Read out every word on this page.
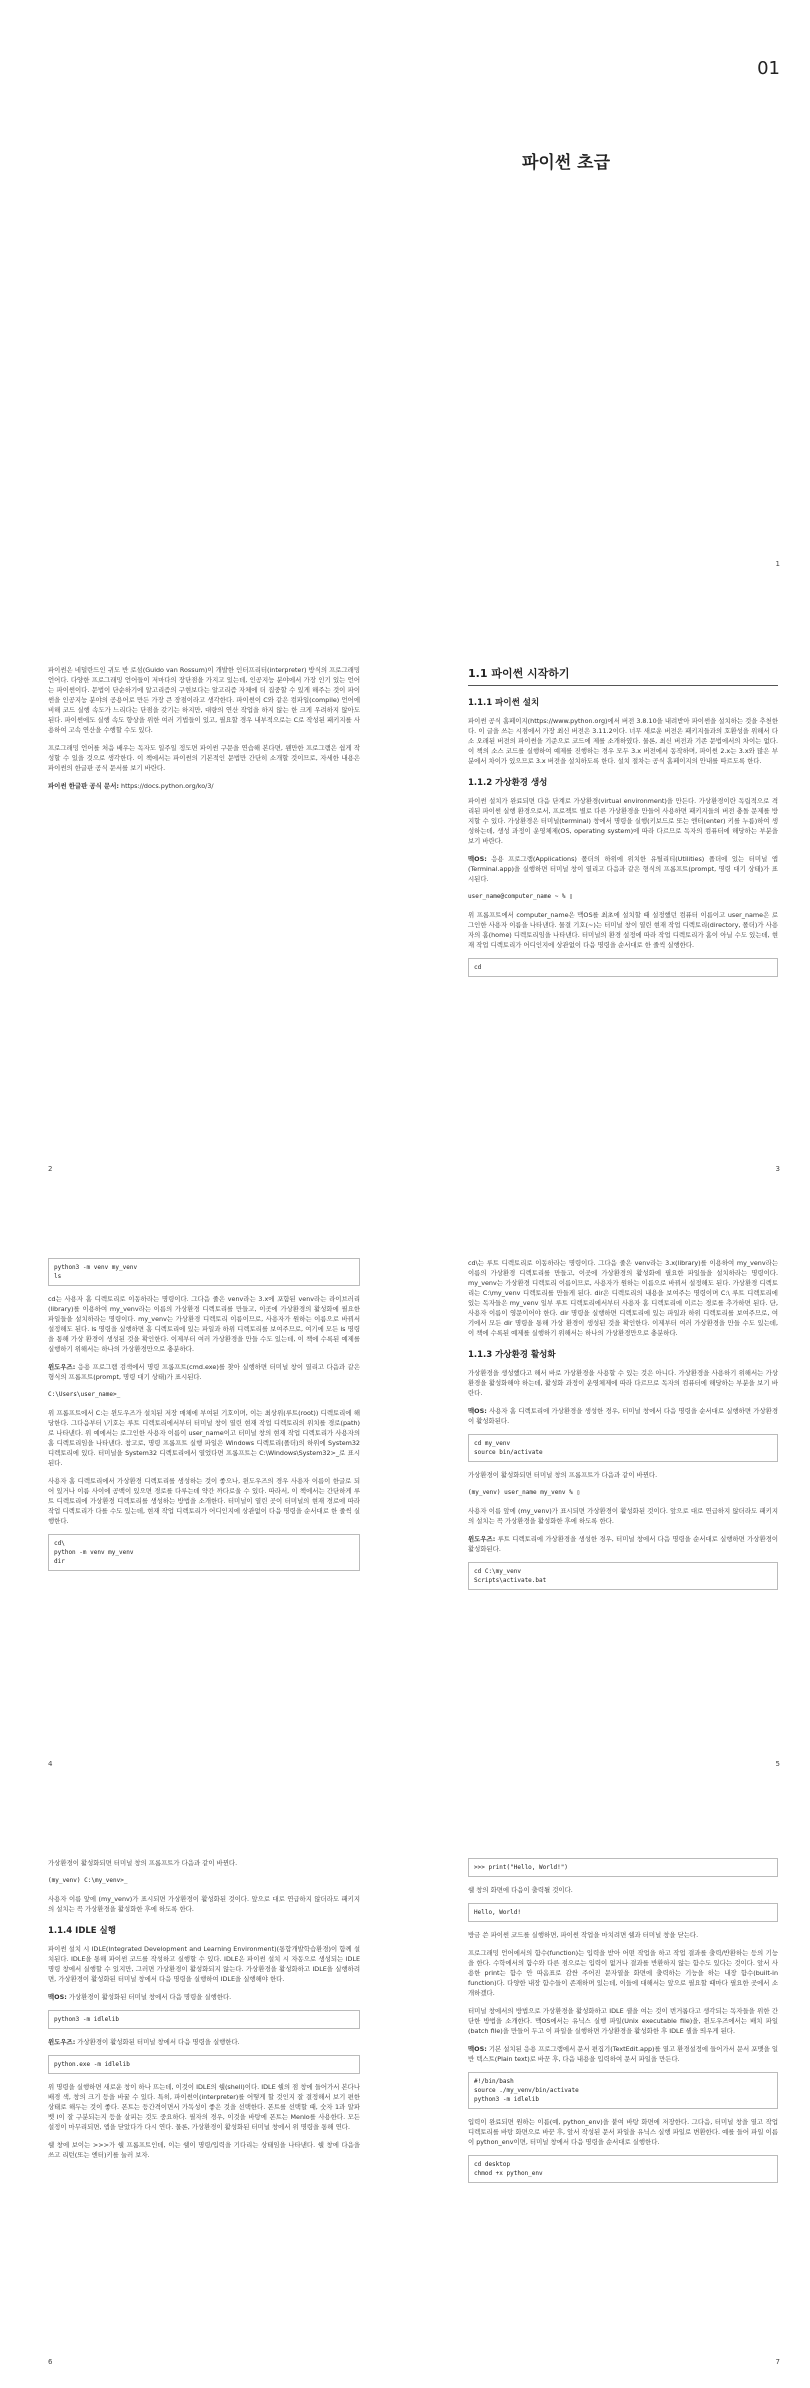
01
파이썬 초급
1

파이썬은 네덜란드인 귀도 반 로섬(Guido van Rossum)이 개발한 인터프리터(interpreter) 방식의 프로그래밍 언어다. 다양한 프로그래밍 언어들이 저마다의 장단점을 가지고 있는데, 인공지능 분야에서 가장 인기 있는 언어는 파이썬이다. 문법이 단순하기에 알고리즘의 구현보다는 알고리즘 자체에 더 집중할 수 있게 해주는 것이 파이썬을 인공지능 분야의 공용어로 만든 가장 큰 장점이라고 생각한다. 파이썬이 C와 같은 컴파일(compile) 언어에 비해 코드 실행 속도가 느리다는 단점을 갖기는 하지만, 대량의 연산 작업을 하지 않는 한 크게 우려하지 않아도 된다. 파이썬에도 실행 속도 향상을 위한 여러 기법들이 있고, 필요할 경우 내부적으로는 C로 작성된 패키지를 사용하여 고속 연산을 수행할 수도 있다.

프로그래밍 언어를 처음 배우는 독자도 일주일 정도면 파이썬 구문을 연습해 본다면, 웬만한 프로그램은 쉽게 작성할 수 있을 것으로 생각한다. 이 책에서는 파이썬의 기본적인 문법만 간단히 소개할 것이므로, 자세한 내용은 파이썬의 한글판 공식 문서를 보기 바란다.

파이썬 한글판 공식 문서: https://docs.python.org/ko/3/

2
1.1 파이썬 시작하기
1.1.1 파이썬 설치

파이썬 공식 홈페이지(https://www.python.org)에서 버전 3.8.10을 내려받아 파이썬을 설치하는 것을 추천한다. 이 글을 쓰는 시점에서 가장 최신 버전은 3.11.2이다. 너무 새로운 버전은 패키지들과의 호환성을 위해서 다소 오래된 버전의 파이썬을 기준으로 코드에 제를 소개하였다. 물론, 최신 버전과 기존 문법에서의 차이는 없다. 이 책의 소스 코드를 실행하여 예제를 진행하는 경우 모두 3.x 버전에서 동작하며, 파이썬 2.x는 3.x와 많은 부분에서 차이가 있으므로 3.x 버전을 설치하도록 한다. 설치 절차는 공식 홈페이지의 안내를 따르도록 한다.

1.1.2 가상환경 생성

파이썬 설치가 완료되면 다음 단계로 가상환경(virtual environment)을 만든다. 가상환경이란 독립적으로 격리된 파이썬 실행 환경으로서, 프로젝트 별로 다른 가상환경을 만들어 사용하면 패키지들의 버전 충돌 문제를 방지할 수 있다. 가상환경은 터미널(terminal) 창에서 명령을 실행(키보드로 또는 엔터(enter) 키를 누름)하여 생성하는데, 생성 과정이 운영체제(OS, operating system)에 따라 다르므로 독자의 컴퓨터에 해당하는 부분을 보기 바란다.

맥OS: 응용 프로그램(Applications) 폴더의 하위에 위치한 유틸리티(Utilities) 폴더에 있는 터미널 앱(Terminal.app)을 실행하면 터미널 창이 열리고 다음과 같은 형식의 프롬프트(prompt, 명령 대기 상태)가 표시된다.

user_name@computer_name ~ % ▯

위 프롬프트에서 computer_name은 맥OS를 최초에 설치할 때 설정했던 컴퓨터 이름이고 user_name은 로그인한 사용자 이름을 나타낸다. 물결 기호(~)는 터미널 창이 열린 현재 작업 디렉토리(directory, 폴더)가 사용자의 홈(home) 디렉토리임을 나타낸다. 터미널의 환경 설정에 따라 작업 디렉토리가 홈이 아닐 수도 있는데, 현재 작업 디렉토리가 어디인지에 상관없이 다음 명령을 순서대로 한 줄씩 실행한다.

cd
3
python3 -m venv my_venv
ls

cd는 사용자 홈 디렉토리로 이동하라는 명령이다. 그다음 줄은 venv라는 3.x에 포함된 venv라는 라이브러리(library)를 이용하여 my_venv라는 이름의 가상환경 디렉토리를 만들고, 이곳에 가상환경의 활성화에 필요한 파일들을 설치하라는 명령이다. my_venv는 가상환경 디렉토리 이름이므로, 사용자가 원하는 이름으로 바꿔서 설정해도 된다. ls 명령을 실행하면 홈 디렉토리에 있는 파일과 하위 디렉토리를 보여주므로, 여기에 모든 ls 명령을 통해 가상 환경이 생성된 것을 확인한다. 이제부터 여러 가상환경을 만들 수도 있는데, 이 책에 수록된 예제를 실행하기 위해서는 하나의 가상환경만으로 충분하다.

윈도우즈: 응용 프로그램 검색에서 명령 프롬프트(cmd.exe)를 찾아 실행하면 터미널 창이 열리고 다음과 같은 형식의 프롬프트(prompt, 명령 대기 상태)가 표시된다.

C:\Users\user_name>_

위 프롬프트에서 C:는 윈도우즈가 설치된 저장 매체에 부여된 기호이며, 이는 최상위(루트(root)) 디렉토리에 해당한다. 그다음부터 \기호는 루트 디렉토리에서부터 터미널 창이 열린 현재 작업 디렉토리의 위치를 경로(path)로 나타낸다. 위 예에서는 로그인한 사용자 이름이 user_name이고 터미널 창의 현재 작업 디렉토리가 사용자의 홈 디렉토리임을 나타낸다. 참고로, 명령 프롬프트 실행 파일은 Windows 디렉토리(폴더)의 하위에 System32 디렉토리에 있다. 터미널을 System32 디렉토리에서 열었다면 프롬프트는 C:\Windows\System32>_로 표시된다.

사용자 홈 디렉토리에서 가상환경 디렉토리를 생성하는 것이 좋으나, 윈도우즈의 경우 사용자 이름이 한글로 되어 있거나 이름 사이에 공백이 있으면 경로를 다루는데 약간 까다로울 수 있다. 따라서, 이 책에서는 간단하게 루트 디렉토리에 가상환경 디렉토리를 생성하는 방법을 소개한다. 터미널이 열린 곳이 터미널의 현재 경로에 따라 작업 디렉토리가 다를 수도 있는데, 현재 작업 디렉토리가 어디인지에 상관없이 다음 명령을 순서대로 한 줄씩 실행한다.

cd\
python -m venv my_venv
dir
4

cd\는 루트 디렉토리로 이동하라는 명령이다. 그다음 줄은 venv라는 3.x(library)를 이용하여 my_venv라는 이름의 가상환경 디렉토리를 만들고, 이곳에 가상환경의 활성화에 필요한 파일들을 설치하라는 명령이다. my_venv는 가상환경 디렉토리 이름이므로, 사용자가 원하는 이름으로 바꿔서 설정해도 된다. 가상환경 디렉토리는 C:\my_venv 디렉토리를 만들게 된다. dir은 디렉토리의 내용을 보여주는 명령이며 C:\ 루트 디렉토리에 있는 독자들은 my_venv 일부 루트 디렉토리에서부터 사용자 홈 디렉토리에 이르는 경로를 추가하면 된다. 단, 사용자 이름이 영문이어야 한다. dir 명령을 실행하면 디렉토리에 있는 파일과 하위 디렉토리를 보여주므로, 여기에서 모든 dir 명령을 통해 가상 환경이 생성된 것을 확인한다. 이제부터 여러 가상환경을 만들 수도 있는데, 이 책에 수록된 예제를 실행하기 위해서는 하나의 가상환경만으로 충분하다.

1.1.3 가상환경 활성화

가상환경을 생성했다고 해서 바로 가상환경을 사용할 수 있는 것은 아니다. 가상환경을 사용하기 위해서는 가상환경을 활성화해야 하는데, 활성화 과정이 운영체제에 따라 다르므로 독자의 컴퓨터에 해당하는 부분을 보기 바란다.

맥OS: 사용자 홈 디렉토리에 가상환경을 생성한 경우, 터미널 창에서 다음 명령을 순서대로 실행하면 가상환경이 활성화된다.

cd my_venv
source bin/activate

가상환경이 활성화되면 터미널 창의 프롬프트가 다음과 같이 바뀐다.

(my_venv) user_name my_venv % ▯

사용자 이름 앞에 (my_venv)가 표시되면 가상환경이 활성화된 것이다. 앞으로 대로 연급하지 않더라도 패키지의 설치는 꼭 가상환경을 활성화한 후에 하도록 한다.

윈도우즈: 루트 디렉토리에 가상환경을 생성한 경우, 터미널 창에서 다음 명령을 순서대로 실행하면 가상환경이 활성화된다.

cd C:\my_venv
Scripts\activate.bat
5

가상환경이 활성화되면 터미널 창의 프롬프트가 다음과 같이 바뀐다.

(my_venv) C:\my_venv>_

사용자 이름 앞에 (my_venv)가 표시되면 가상환경이 활성화된 것이다. 앞으로 대로 연급하지 않더라도 패키지의 설치는 꼭 가상환경을 활성화한 후에 하도록 한다.

1.1.4 IDLE 실행

파이썬 설치 시 IDLE(Integrated Development and Learning Environment)(통합개발학습환경)이 함께 설치된다. IDLE을 통해 파이썬 코드를 작성하고 실행할 수 있다. IDLE은 파이썬 설치 시 자동으로 생성되는 IDLE 명령 창에서 실행할 수 있지만, 그러면 가상환경이 활성화되지 않는다. 가상환경을 활성화하고 IDLE을 실행하려면, 가상환경이 활성화된 터미널 창에서 다음 명령을 실행하여 IDLE을 실행해야 한다.

맥OS: 가상환경이 활성화된 터미널 창에서 다음 명령을 실행한다.

python3 -m idlelib

윈도우즈: 가상환경이 활성화된 터미널 창에서 다음 명령을 실행한다.

python.exe -m idlelib

위 명령을 실행하면 새로운 창이 하나 뜨는데, 이것이 IDLE의 쉘(shell)이다. IDLE 쉘의 점 창에 들어가서 본다나 배경 색, 창의 크기 등을 바꿀 수 있다. 특히, 파이썬이(interpreter)를 어떻게 할 것인지 잘 결정해서 보기 편한 상태로 해두는 것이 좋다. 폰트는 등간격이면서 가독성이 좋은 것을 선택한다. 폰트를 선택할 때, 숫자 1과 알파벳 l이 잘 구분되는지 등을 살피는 것도 중요하다. 필자의 경우, 이것을 바탕에 폰트는 Menlo를 사용한다. 모든 설정이 마무리되면, 앱을 닫았다가 다시 연다. 물론, 가상환경이 활성화된 터미널 창에서 위 명령을 통해 연다.

쉘 창에 보이는 >>>가 쉘 프롬프트인데, 이는 쉘이 명령/입력을 기다리는 상태임을 나타낸다. 쉘 창에 다음을 쓰고 리턴(또는 엔터)키를 눌러 보자.

6
>>> print("Hello, World!")

쉘 창의 화면에 다음이 출력될 것이다.

Hello, World!

방금 쓴 파이썬 코드를 실행하면, 파이썬 작업을 마치려면 쉘과 터미널 창을 닫는다.

프로그래밍 언어에서의 함수(function)는 입력을 받아 어떤 작업을 하고 작업 결과를 출력/반환하는 등의 기능을 한다. 수학에서의 함수와 다른 점으로는 입력이 없거나 결과를 반환하지 않는 함수도 있다는 것이다. 앞서 사용한 print는 함수 안 따옴표로 감싼 주어진 문자열을 화면에 출력하는 기능을 하는 내장 함수(built-in function)다. 다양한 내장 함수들이 존재하며 있는데, 이들에 대해서는 앞으로 필요할 때마다 필요한 곳에서 소개하겠다.

터미널 창에서의 방법으로 가상환경을 활성화하고 IDLE 셸을 여는 것이 번거롭다고 생각되는 독자들을 위한 간단한 방법을 소개한다. 맥OS에서는 유닉스 실행 파일(Unix executable file)을, 윈도우즈에서는 배치 파일(batch file)을 만들어 두고 이 파일을 실행하면 가상환경을 활성화한 후 IDLE 셸을 띄우게 된다.

맥OS: 기본 설치된 응용 프로그램에서 문서 편집기(TextEdit.app)를 열고 환경설정에 들어가서 문서 포맷을 일반 텍스트(Plain text)로 바꾼 후, 다음 내용을 입력하여 문서 파일을 만든다.

#!/bin/bash
source ./my_venv/bin/activate
python3 -m idlelib

입력이 완료되면 원하는 이름(예, python_env)을 붙여 바탕 화면에 저장한다. 그다음, 터미널 창을 열고 작업 디렉토리를 바탕 화면으로 바꾼 후, 앞서 작성된 문서 파일을 유닉스 실행 파일로 변환한다. 예를 들어 파일 이름이 python_env이면, 터미널 창에서 다음 명령을 순서대로 실행한다.

cd desktop
chmod +x python_env
7
